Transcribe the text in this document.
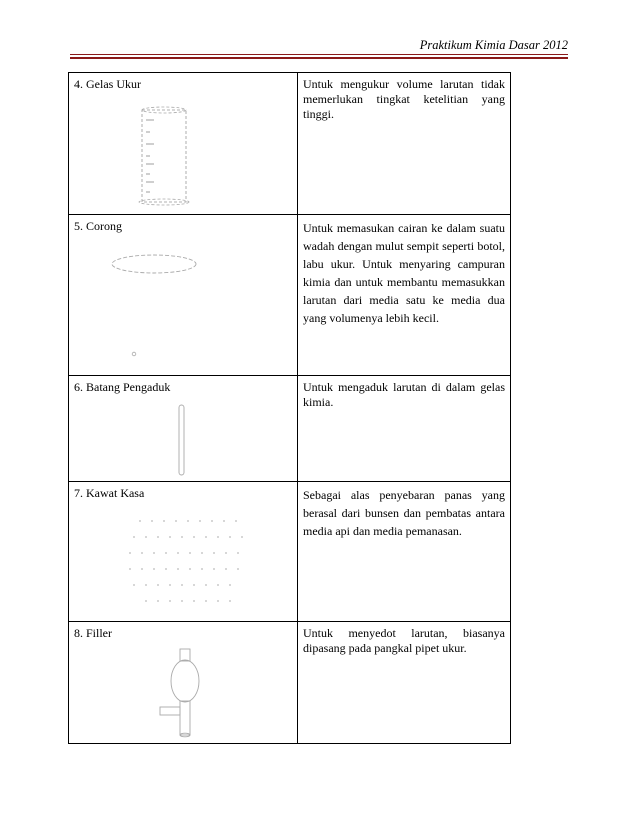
Praktikum Kimia Dasar 2012
4. Gelas Ukur	Untuk mengukur volume larutan tidak memerlukan tingkat ketelitian yang tinggi.

5. Corong	Untuk memasukan cairan ke dalam suatu wadah dengan mulut sempit seperti botol, labu ukur. Untuk menyaring campuran kimia dan untuk membantu memasukkan larutan dari media satu ke media dua yang volumenya lebih kecil.

6. Batang Pengaduk	Untuk mengaduk larutan di dalam gelas kimia.

7. Kawat Kasa	Sebagai alas penyebaran panas yang berasal dari bunsen dan pembatas antara media api dan media pemanasan.

8. Filler	Untuk menyedot larutan, biasanya dipasang pada pangkal pipet ukur.
